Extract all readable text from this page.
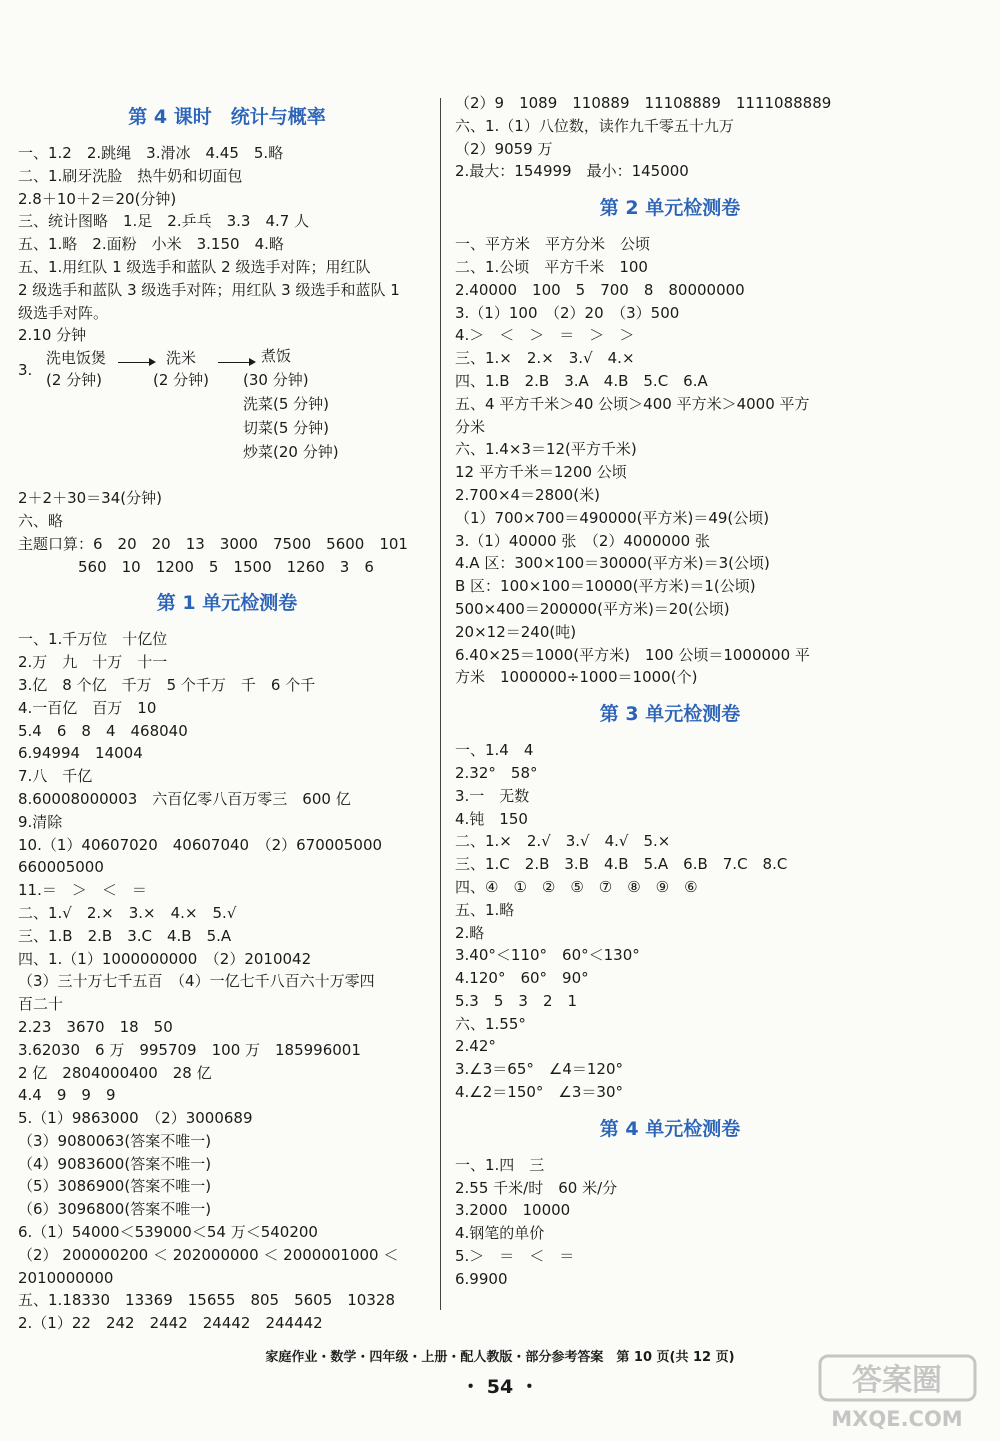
第 4 课时　统计与概率
一、1.2　2.跳绳　3.滑冰　4.45　5.略
二、1.刷牙洗脸　热牛奶和切面包
2.8＋10＋2＝20(分钟)
三、统计图略　1.足　2.乒乓　3.3　4.7 人
五、1.略　2.面粉　小米　3.150　4.略
五、1.用红队 1 级选手和蓝队 2 级选手对阵；用红队
2 级选手和蓝队 3 级选手对阵；用红队 3 级选手和蓝队 1
级选手对阵。
2.10 分钟
3.
洗电饭煲
(2 分钟)
洗米
(2 分钟)
煮饭
(30 分钟)
洗菜(5 分钟)
切菜(5 分钟)
炒菜(20 分钟)
2＋2＋30＝34(分钟)
六、略
主题口算：6　20　20　13　3000　7500　5600　101
　　　　560　10　1200　5　1500　1260　3　6
第 1 单元检测卷
一、1.千万位　十亿位
2.万　九　十万　十一
3.亿　8 个亿　千万　5 个千万　千　6 个千
4.一百亿　百万　10
5.4　6　8　4　468040
6.94994　14004
7.八　千亿
8.60008000003　六百亿零八百万零三　600 亿
9.清除
10.（1）40607020　40607040　（2）670005000
660005000
11.＝　＞　＜　＝
二、1.√　2.×　3.×　4.×　5.√
三、1.B　2.B　3.C　4.B　5.A
四、1.（1）1000000000　（2）2010042
（3）三十万七千五百　（4）一亿七千八百六十万零四
百二十
2.23　3670　18　50
3.62030　6 万　995709　100 万　185996001
2 亿　2804000400　28 亿
4.4　9　9　9
5.（1）9863000　（2）3000689
（3）9080063(答案不唯一)
（4）9083600(答案不唯一)
（5）3086900(答案不唯一)
（6）3096800(答案不唯一)
6.（1）54000＜539000＜54 万＜540200
（2） 200000200 ＜ 202000000 ＜ 2000001000 ＜
2010000000
五、1.18330　13369　15655　805　5605　10328
2.（1）22　242　2442　24442　244442
（2）9　1089　110889　11108889　1111088889
六、1.（1）八位数，读作九千零五十九万
（2）9059 万
2.最大：154999　最小：145000
第 2 单元检测卷
一、平方米　平方分米　公顷
二、1.公顷　平方千米　100
2.40000　100　5　700　8　80000000
3.（1）100　（2）20　（3）500
4.＞　＜　＞　＝　＞　＞
三、1.×　2.×　3.√　4.×
四、1.B　2.B　3.A　4.B　5.C　6.A
五、4 平方千米＞40 公顷＞400 平方米＞4000 平方
分米
六、1.4×3＝12(平方千米)
12 平方千米＝1200 公顷
2.700×4＝2800(米)
（1）700×700＝490000(平方米)＝49(公顷)
3.（1）40000 张　（2）4000000 张
4.A 区：300×100＝30000(平方米)＝3(公顷)
B 区：100×100＝10000(平方米)＝1(公顷)
500×400＝200000(平方米)＝20(公顷)
20×12＝240(吨)
6.40×25＝1000(平方米)　100 公顷＝1000000 平
方米　1000000÷1000＝1000(个)
第 3 单元检测卷
一、1.4　4
2.32°　58°
3.一　无数
4.钝　150
二、1.×　2.√　3.√　4.√　5.×
三、1.C　2.B　3.B　4.B　5.A　6.B　7.C　8.C
四、④　①　②　⑤　⑦　⑧　⑨　⑥
五、1.略
2.略
3.40°＜110°　60°＜130°
4.120°　60°　90°
5.3　5　3　2　1
六、1.55°
2.42°
3.∠3＝65°　∠4＝120°
4.∠2＝150°　∠3＝30°
第 4 单元检测卷
一、1.四　三
2.55 千米/时　60 米/分
3.2000　10000
4.钢笔的单价
5.＞　＝　＜　＝
6.9900
家庭作业・数学・四年级・上册・配人教版・部分参考答案　第 10 页(共 12 页)
・ 54 ・	答案圈
MXQE.COM
